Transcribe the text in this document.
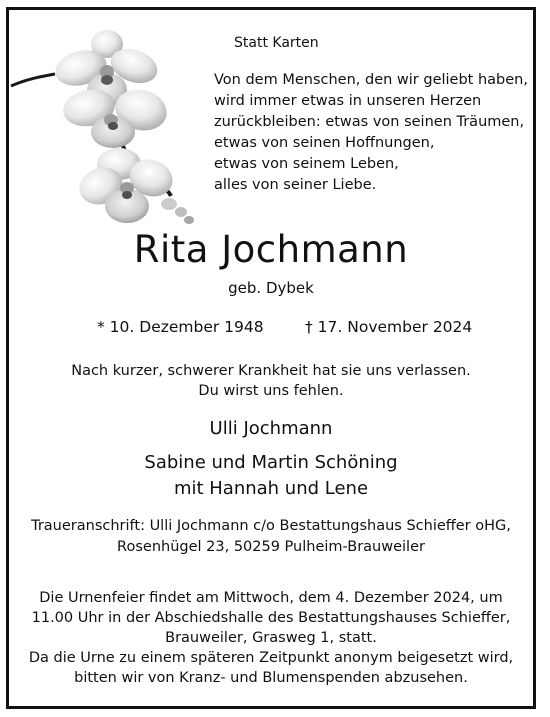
Statt Karten
Von dem Menschen, den wir geliebt haben,
wird immer etwas in unseren Herzen
zurückbleiben: etwas von seinen Träumen,
etwas von seinen Hoffnungen,
etwas von seinem Leben,
alles von seiner Liebe.
Rita Jochmann
geb. Dybek
* 10. Dezember 1948	† 17. November 2024
Nach kurzer, schwerer Krankheit hat sie uns verlassen.
Du wirst uns fehlen.
Ulli Jochmann
Sabine und Martin Schöning
mit Hannah und Lene
Traueranschrift: Ulli Jochmann c/o Bestattungshaus Schieffer oHG,
Rosenhügel 23, 50259 Pulheim-Brauweiler
Die Urnenfeier findet am Mittwoch, dem 4. Dezember 2024, um
11.00 Uhr in der Abschiedshalle des Bestattungshauses Schieffer,
Brauweiler, Grasweg 1, statt.
Da die Urne zu einem späteren Zeitpunkt anonym beigesetzt wird,
bitten wir von Kranz- und Blumenspenden abzusehen.
